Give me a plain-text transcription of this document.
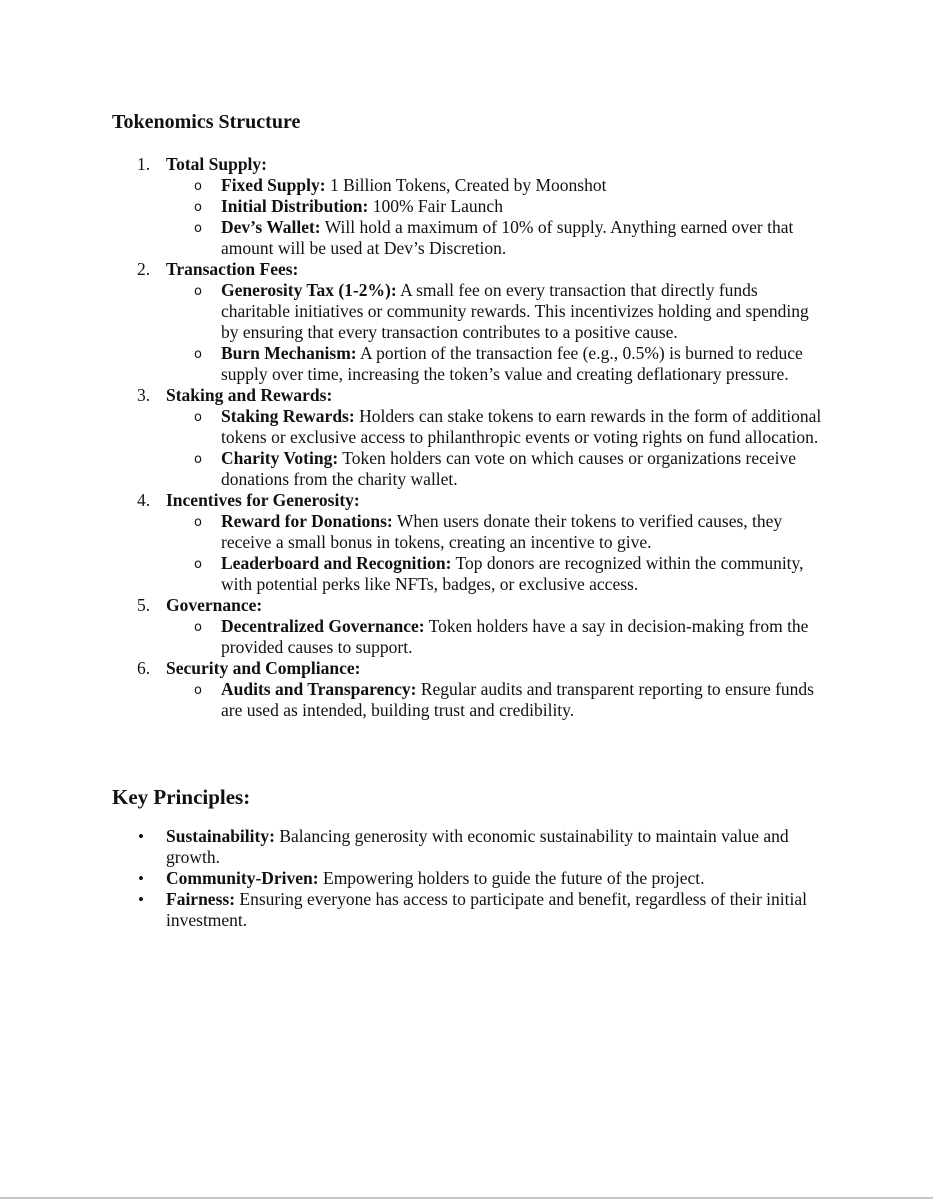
Tokenomics Structure
1. Total Supply:
o Fixed Supply: 1 Billion Tokens, Created by Moonshot
o Initial Distribution: 100% Fair Launch
o Dev’s Wallet: Will hold a maximum of 10% of supply. Anything earned over that amount will be used at Dev’s Discretion.
2. Transaction Fees:
o Generosity Tax (1-2%): A small fee on every transaction that directly funds charitable initiatives or community rewards. This incentivizes holding and spending by ensuring that every transaction contributes to a positive cause.
o Burn Mechanism: A portion of the transaction fee (e.g., 0.5%) is burned to reduce supply over time, increasing the token’s value and creating deflationary pressure.
3. Staking and Rewards:
o Staking Rewards: Holders can stake tokens to earn rewards in the form of additional tokens or exclusive access to philanthropic events or voting rights on fund allocation.
o Charity Voting: Token holders can vote on which causes or organizations receive donations from the charity wallet.
4. Incentives for Generosity:
o Reward for Donations: When users donate their tokens to verified causes, they receive a small bonus in tokens, creating an incentive to give.
o Leaderboard and Recognition: Top donors are recognized within the community, with potential perks like NFTs, badges, or exclusive access.
5. Governance:
o Decentralized Governance: Token holders have a say in decision-making from the provided causes to support.
6. Security and Compliance:
o Audits and Transparency: Regular audits and transparent reporting to ensure funds are used as intended, building trust and credibility.
Key Principles:
• Sustainability: Balancing generosity with economic sustainability to maintain value and growth.
• Community-Driven: Empowering holders to guide the future of the project.
• Fairness: Ensuring everyone has access to participate and benefit, regardless of their initial investment.
